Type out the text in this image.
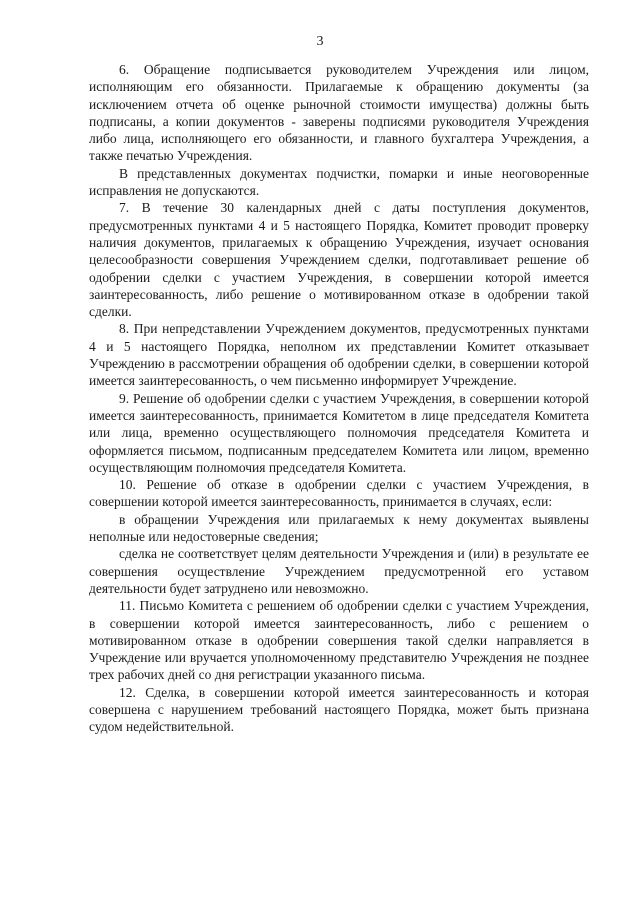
3

6. Обращение подписывается руководителем Учреждения или лицом, исполняющим его обязанности. Прилагаемые к обращению документы (за исключением отчета об оценке рыночной стоимости имущества) должны быть подписаны, а копии документов - заверены подписями руководителя Учреждения либо лица, исполняющего его обязанности, и главного бухгалтера Учреждения, а также печатью Учреждения.

В представленных документах подчистки, помарки и иные неоговоренные исправления не допускаются.

7. В течение 30 календарных дней с даты поступления документов, предусмотренных пунктами 4 и 5 настоящего Порядка, Комитет проводит проверку наличия документов, прилагаемых к обращению Учреждения, изучает основания целесообразности совершения Учреждением сделки, подготавливает решение об одобрении сделки с участием Учреждения, в совершении которой имеется заинтересованность, либо решение о мотивированном отказе в одобрении такой сделки.

8. При непредставлении Учреждением документов, предусмотренных пунктами 4 и 5 настоящего Порядка, неполном их представлении Комитет отказывает Учреждению в рассмотрении обращения об одобрении сделки, в совершении которой имеется заинтересованность, о чем письменно информирует Учреждение.

9. Решение об одобрении сделки с участием Учреждения, в совершении которой имеется заинтересованность, принимается Комитетом в лице председателя Комитета или лица, временно осуществляющего полномочия председателя Комитета и оформляется письмом, подписанным председателем Комитета или лицом, временно осуществляющим полномочия председателя Комитета.

10. Решение об отказе в одобрении сделки с участием Учреждения, в совершении которой имеется заинтересованность, принимается в случаях, если:

в обращении Учреждения или прилагаемых к нему документах выявлены неполные или недостоверные сведения;

сделка не соответствует целям деятельности Учреждения и (или) в результате ее совершения осуществление Учреждением предусмотренной его уставом деятельности будет затруднено или невозможно.

11. Письмо Комитета с решением об одобрении сделки с участием Учреждения, в совершении которой имеется заинтересованность, либо с решением о мотивированном отказе в одобрении совершения такой сделки направляется в Учреждение или вручается уполномоченному представителю Учреждения не позднее трех рабочих дней со дня регистрации указанного письма.

12. Сделка, в совершении которой имеется заинтересованность и которая совершена с нарушением требований настоящего Порядка, может быть признана судом недействительной.
